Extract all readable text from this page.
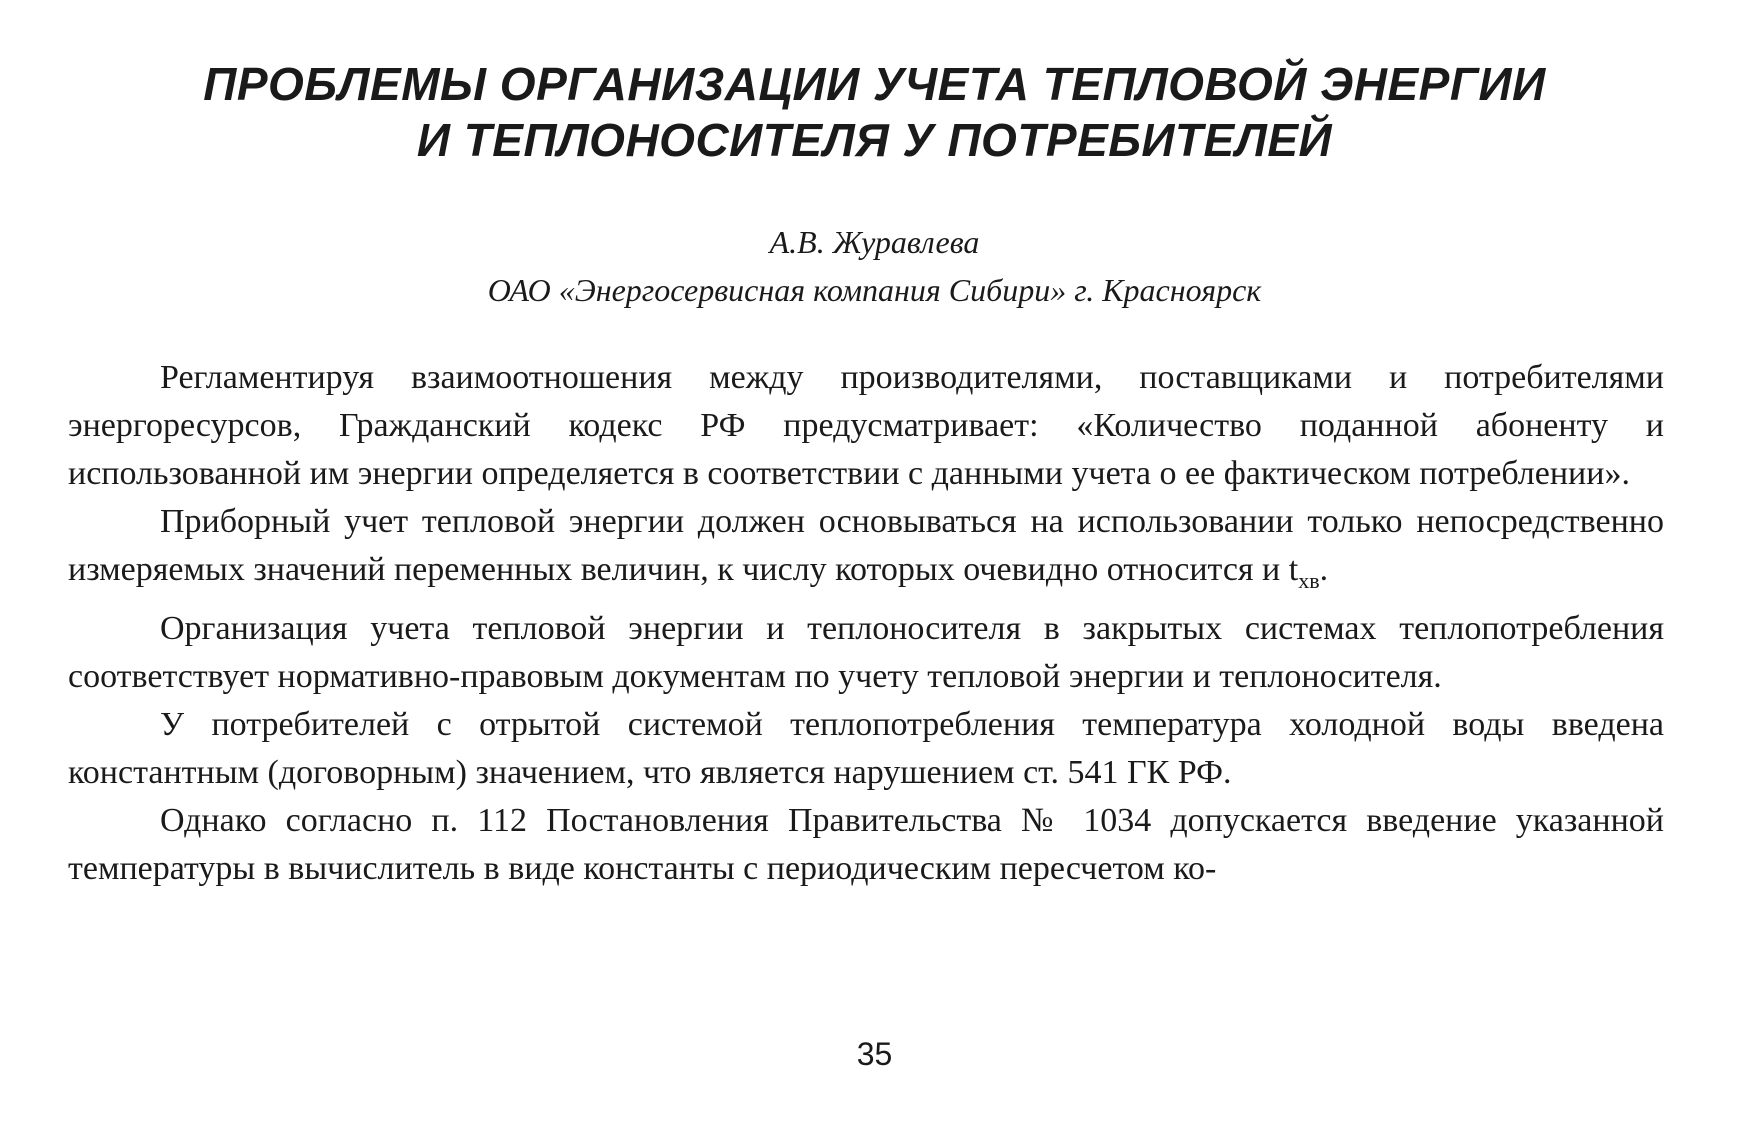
ПРОБЛЕМЫ ОРГАНИЗАЦИИ УЧЕТА ТЕПЛОВОЙ ЭНЕРГИИ
И ТЕПЛОНОСИТЕЛЯ У ПОТРЕБИТЕЛЕЙ
А.В. Журавлева
ОАО «Энергосервисная компания Сибири» г. Красноярск

Регламентируя взаимоотношения между производителями, поставщиками и потребителями энергоресурсов, Гражданский кодекс РФ предусматривает: «Количество поданной абоненту и использованной им энергии определяется в соответствии с данными учета о ее фактическом потреблении».

Приборный учет тепловой энергии должен основываться на использовании только непосредственно измеряемых значений переменных величин, к числу которых очевидно относится и $t_{хв}$.

Организация учета тепловой энергии и теплоносителя в закрытых системах теплопотребления соответствует нормативно-правовым документам по учету тепловой энергии и теплоносителя.

У потребителей с отрытой системой теплопотребления температура холодной воды введена константным (договорным) значением, что является нарушением ст. 541 ГК РФ.

Однако согласно п. 112 Постановления Правительства № 1034 допускается введение указанной температуры в вычислитель в виде константы с периодическим пересчетом ко-

35
